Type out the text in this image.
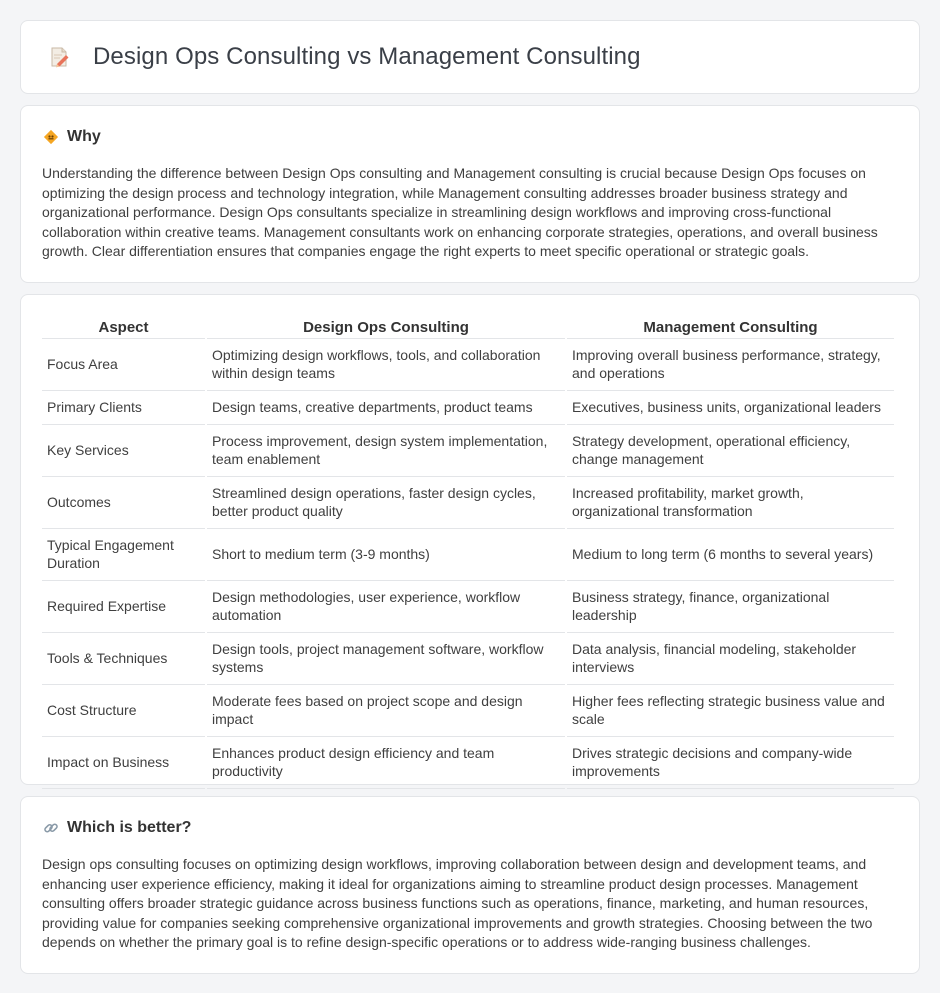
Design Ops Consulting vs Management Consulting
Why

Understanding the difference between Design Ops consulting and Management consulting is crucial because Design Ops focuses on optimizing the design process and technology integration, while Management consulting addresses broader business strategy and organizational performance. Design Ops consultants specialize in streamlining design workflows and improving cross-functional collaboration within creative teams. Management consultants work on enhancing corporate strategies, operations, and overall business growth. Clear differentiation ensures that companies engage the right experts to meet specific operational or strategic goals.

Aspect	Design Ops Consulting	Management Consulting
Focus Area	Optimizing design workflows, tools, and collaboration within design teams	Improving overall business performance, strategy, and operations
Primary Clients	Design teams, creative departments, product teams	Executives, business units, organizational leaders
Key Services	Process improvement, design system implementation, team enablement	Strategy development, operational efficiency, change management
Outcomes	Streamlined design operations, faster design cycles, better product quality	Increased profitability, market growth, organizational transformation
Typical Engagement Duration	Short to medium term (3-9 months)	Medium to long term (6 months to several years)
Required Expertise	Design methodologies, user experience, workflow automation	Business strategy, finance, organizational leadership
Tools & Techniques	Design tools, project management software, workflow systems	Data analysis, financial modeling, stakeholder interviews
Cost Structure	Moderate fees based on project scope and design impact	Higher fees reflecting strategic business value and scale
Impact on Business	Enhances product design efficiency and team productivity	Drives strategic decisions and company-wide improvements
Which is better?

Design ops consulting focuses on optimizing design workflows, improving collaboration between design and development teams, and enhancing user experience efficiency, making it ideal for organizations aiming to streamline product design processes. Management consulting offers broader strategic guidance across business functions such as operations, finance, marketing, and human resources, providing value for companies seeking comprehensive organizational improvements and growth strategies. Choosing between the two depends on whether the primary goal is to refine design-specific operations or to address wide-ranging business challenges.
